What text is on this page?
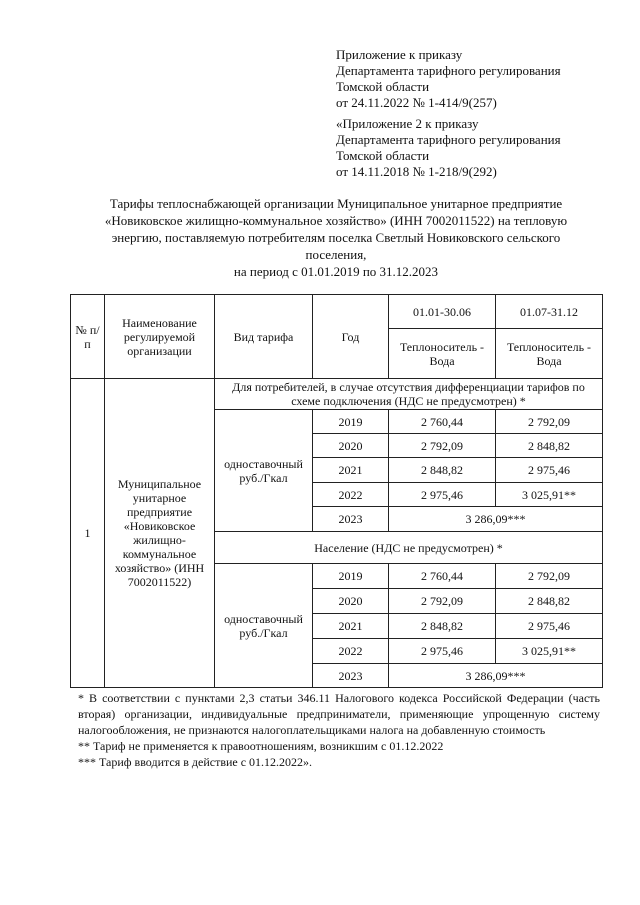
Приложение к приказу
Департамента тарифного регулирования
Томской области
от 24.11.2022 № 1-414/9(257)
«Приложение 2 к приказу
Департамента тарифного регулирования
Томской области
от 14.11.2018 № 1-218/9(292)
Тарифы теплоснабжающей организации Муниципальное унитарное предприятие
«Новиковское жилищно-коммунальное хозяйство» (ИНН 7002011522) на тепловую
энергию, поставляемую потребителям поселка Светлый Новиковского сельского
поселения,
на период с 01.01.2019 по 31.12.2023
№ п/п	Наименование регулируемой организации	Вид тарифа	Год	01.01-30.06	01.07-31.12
				Теплоноситель - Вода	Теплоноситель - Вода
1	Муниципальное унитарное предприятие «Новиковское жилищно-коммунальное хозяйство» (ИНН 7002011522)	Для потребителей, в случае отсутствия дифференциации тарифов по схеме подключения (НДС не предусмотрен) *			
		одноставочный руб./Гкал	2019	2 760,44	2 792,09
			2020	2 792,09	2 848,82
			2021	2 848,82	2 975,46
			2022	2 975,46	3 025,91**
			2023	3 286,09***	
		Население (НДС не предусмотрен) *			
		одноставочный руб./Гкал	2019	2 760,44	2 792,09
			2020	2 792,09	2 848,82
			2021	2 848,82	2 975,46
			2022	2 975,46	3 025,91**
			2023	3 286,09***	
* В соответствии с пунктами 2,3 статьи 346.11 Налогового кодекса Российской Федерации (часть вторая) организации, индивидуальные предприниматели, применяющие упрощенную систему налогообложения, не признаются налогоплательщиками налога на добавленную стоимость
** Тариф не применяется к правоотношениям, возникшим с 01.12.2022
*** Тариф вводится в действие с 01.12.2022».
